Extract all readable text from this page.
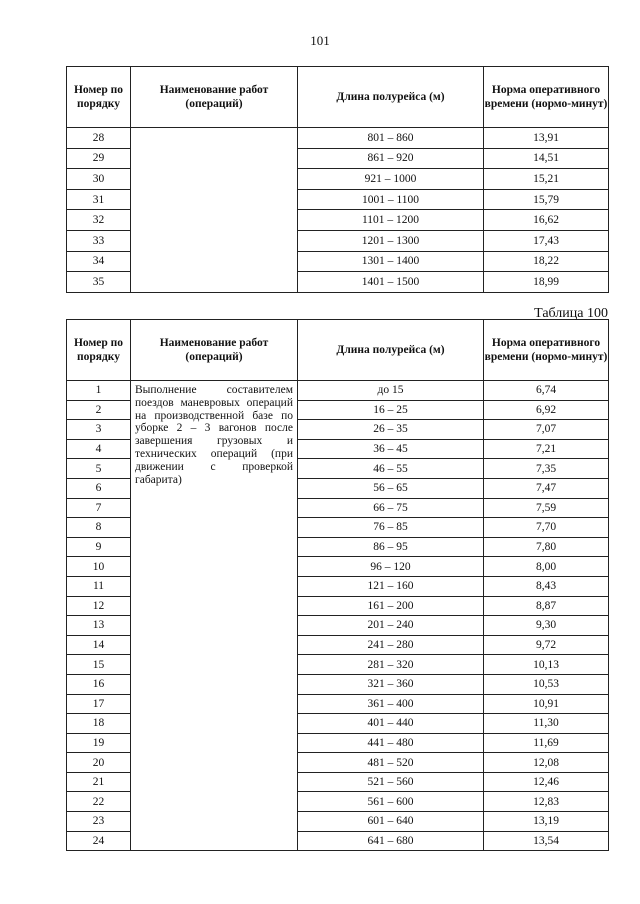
101
Номер по порядку	Наименование работ (операций)	Длина полурейса (м)	Норма оперативного времени (нормо-минут)
28		801 – 860	13,91
29		861 – 920	14,51
30		921 – 1000	15,21
31		1001 – 1100	15,79
32		1101 – 1200	16,62
33		1201 – 1300	17,43
34		1301 – 1400	18,22
35		1401 – 1500	18,99
Таблица 100
Номер по порядку	Наименование работ (операций)	Длина полурейса (м)	Норма оперативного времени (нормо-минут)
1	Выполнение составителем поездов маневровых операций на производственной базе по уборке 2 – 3 вагонов после завершения грузовых и технических операций (при движении с проверкой габарита)	до 15	6,74
2		16 – 25	6,92
3		26 – 35	7,07
4		36 – 45	7,21
5		46 – 55	7,35
6		56 – 65	7,47
7		66 – 75	7,59
8		76 – 85	7,70
9		86 – 95	7,80
10		96 – 120	8,00
11		121 – 160	8,43
12		161 – 200	8,87
13		201 – 240	9,30
14		241 – 280	9,72
15		281 – 320	10,13
16		321 – 360	10,53
17		361 – 400	10,91
18		401 – 440	11,30
19		441 – 480	11,69
20		481 – 520	12,08
21		521 – 560	12,46
22		561 – 600	12,83
23		601 – 640	13,19
24		641 – 680	13,54
